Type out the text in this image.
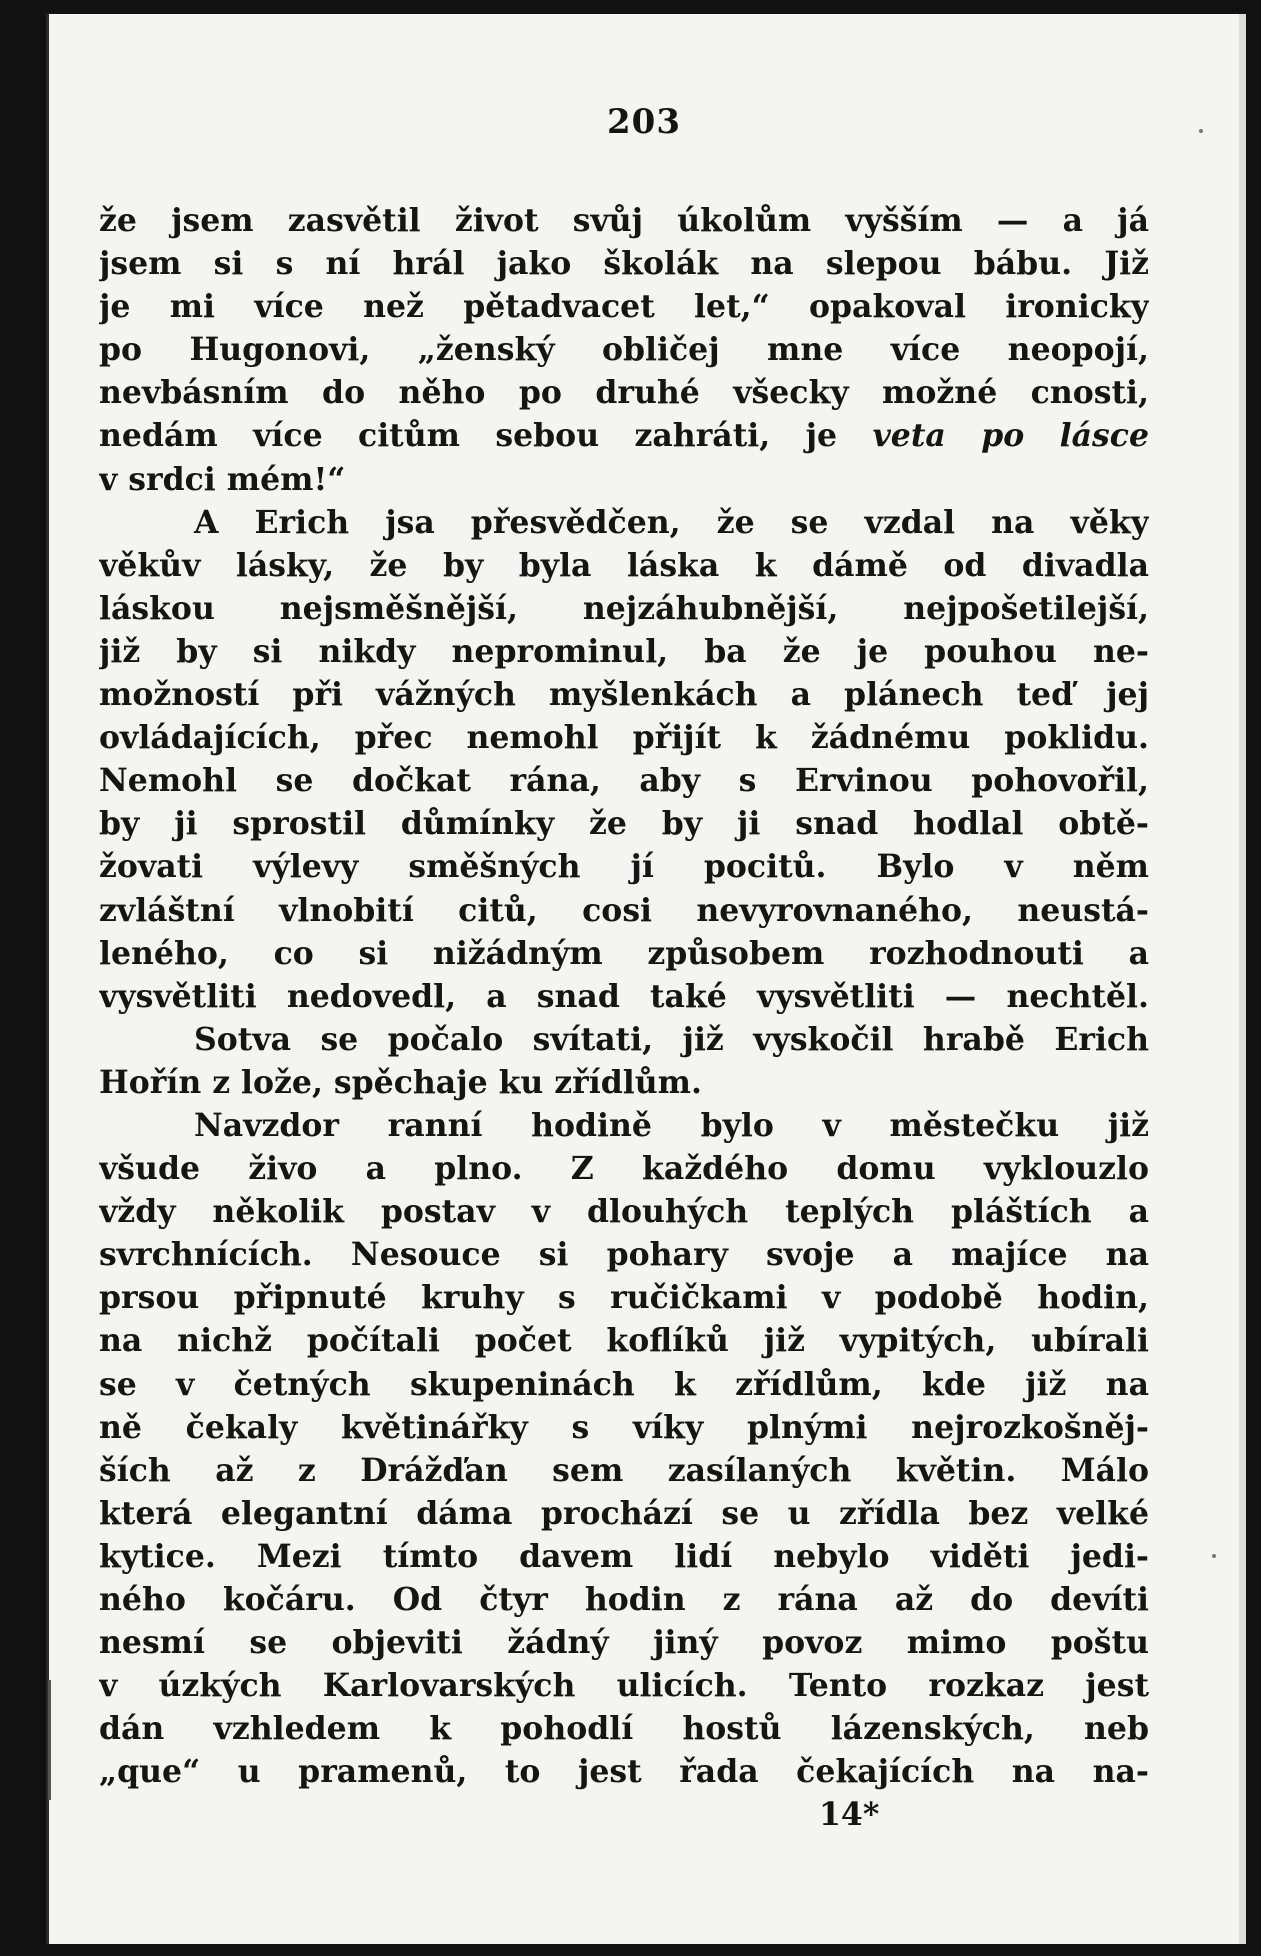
203
že jsem zasvětil život svůj úkolům vyšším — a já
jsem si s ní hrál jako školák na slepou bábu. Již
je mi více než pětadvacet let,“ opakoval ironicky
po Hugonovi, „ženský obličej mne více neopojí,
nevbásním do něho po druhé všecky možné cnosti,
nedám více citům sebou zahráti, je veta po lásce
v srdci mém!“
A Erich jsa přesvědčen, že se vzdal na věky
věkův lásky, že by byla láska k dámě od divadla
láskou nejsměšnější, nejzáhubnější, nejpošetilejší,
již by si nikdy neprominul, ba že je pouhou ne-
možností při vážných myšlenkách a plánech teď jej
ovládajících, přec nemohl přijít k žádnému poklidu.
Nemohl se dočkat rána, aby s Ervinou pohovořil,
by ji sprostil důmínky že by ji snad hodlal obtě-
žovati výlevy směšných jí pocitů. Bylo v něm
zvláštní vlnobití citů, cosi nevyrovnaného, neustá-
leného, co si nižádným způsobem rozhodnouti a
vysvětliti nedovedl, a snad také vysvětliti — nechtěl.
Sotva se počalo svítati, již vyskočil hrabě Erich
Hořín z lože, spěchaje ku zřídlům.
Navzdor ranní hodině bylo v městečku již
všude živo a plno. Z každého domu vyklouzlo
vždy několik postav v dlouhých teplých pláštích a
svrchnících. Nesouce si pohary svoje a majíce na
prsou připnuté kruhy s ručičkami v podobě hodin,
na nichž počítali počet koflíků již vypitých, ubírali
se v četných skupeninách k zřídlům, kde již na
ně čekaly květinářky s víky plnými nejrozkošněj-
ších až z Drážďan sem zasílaných květin. Málo
která elegantní dáma prochází se u zřídla bez velké
kytice. Mezi tímto davem lidí nebylo viděti jedi-
ného kočáru. Od čtyr hodin z rána až do devíti
nesmí se objeviti žádný jiný povoz mimo poštu
v úzkých Karlovarských ulicích. Tento rozkaz jest
dán vzhledem k pohodlí hostů lázenských, neb
„que“ u pramenů, to jest řada čekajících na na-
14*
